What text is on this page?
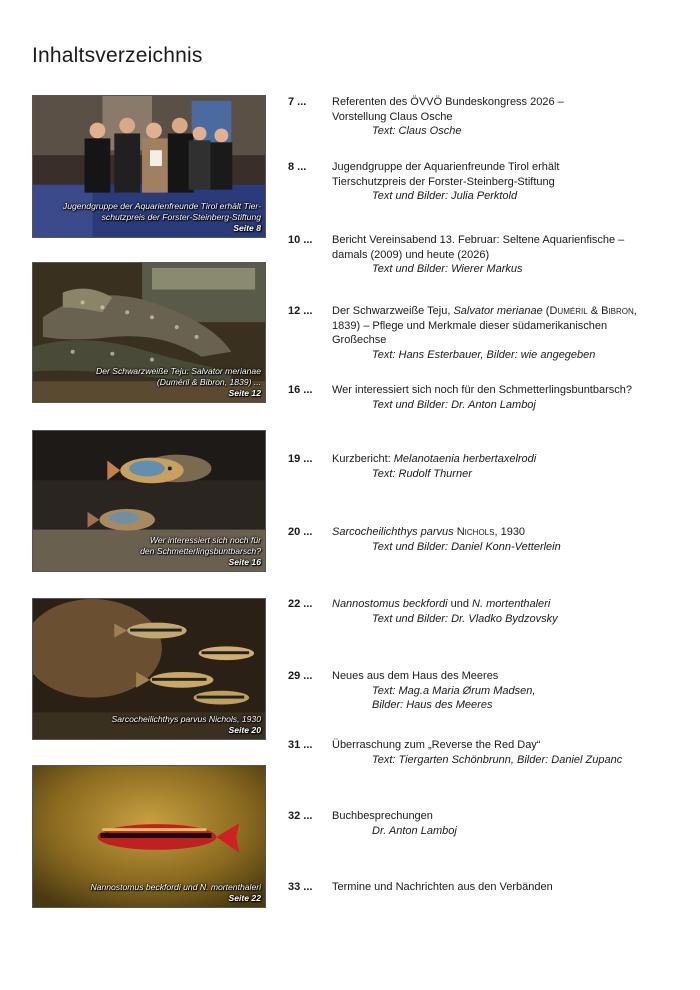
Inhaltsverzeichnis
Jugendgruppe der Aquarienfreunde Tirol erhält Tier-
schutzpreis der Forster-Steinberg-Stiftung
Seite 8
Der Schwarzweiße Teju: Salvator merianae
(Duméril & Bibron, 1839) ...
Seite 12
Wer interessiert sich noch für
den Schmetterlingsbuntbarsch?
Seite 16
Sarcocheilichthys parvus Nichols, 1930
Seite 20
Nannostomus beckfordi und N. mortenthaleri
Seite 22
7 ...	Referenten des ÖVVÖ Bundeskongress 2026 –
Vorstellung Claus Osche
Text: Claus Osche
8 ...	Jugendgruppe der Aquarienfreunde Tirol erhält
Tierschutzpreis der Forster-Steinberg-Stiftung
Text und Bilder: Julia Perktold
10 ...	Bericht Vereinsabend 13. Februar: Seltene Aquarienfische –
damals (2009) und heute (2026)
Text und Bilder: Wierer Markus
12 ...	Der Schwarzweiße Teju, Salvator merianae (Duméril & Bibron,
1839) – Pflege und Merkmale dieser südamerikanischen
Großechse
Text: Hans Esterbauer, Bilder: wie angegeben
16 ...	Wer interessiert sich noch für den Schmetterlingsbuntbarsch?
Text und Bilder: Dr. Anton Lamboj
19 ...	Kurzbericht: Melanotaenia herbertaxelrodi
Text: Rudolf Thurner
20 ...	Sarcocheilichthys parvus Nichols, 1930
Text und Bilder: Daniel Konn-Vetterlein
22 ...	Nannostomus beckfordi und N. mortenthaleri
Text und Bilder: Dr. Vladko Bydzovsky
29 ...	Neues aus dem Haus des Meeres
Text: Mag.a Maria Ørum Madsen,
Bilder: Haus des Meeres
31 ...	Überraschung zum „Reverse the Red Day“
Text: Tiergarten Schönbrunn, Bilder: Daniel Zupanc
32 ...	Buchbesprechungen
Dr. Anton Lamboj
33 ...	Termine und Nachrichten aus den Verbänden
